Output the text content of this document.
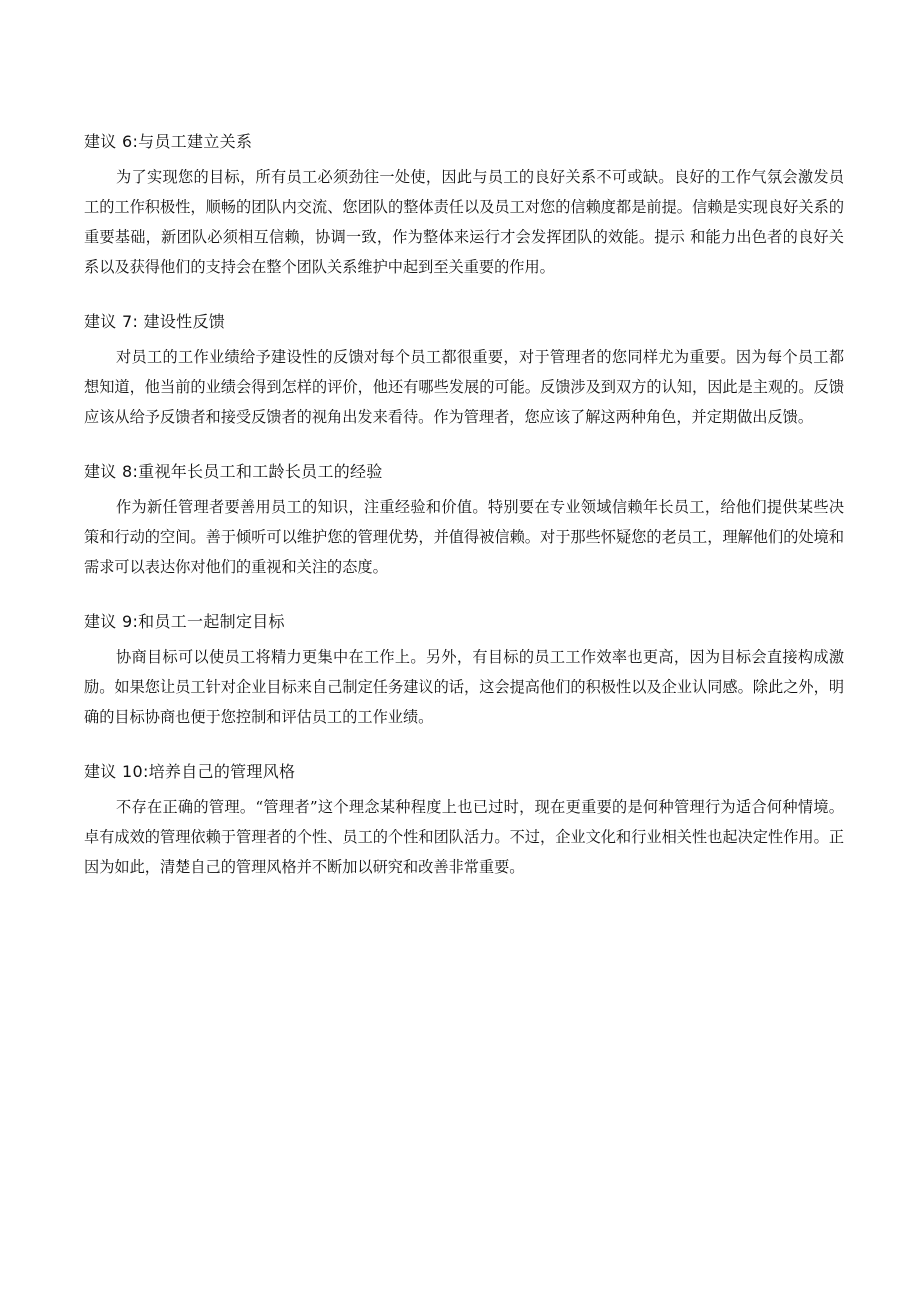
建议 6:与员工建立关系

为了实现您的目标，所有员工必须劲往一处使，因此与员工的良好关系不可或缺。良好的工作气氛会激发员工的工作积极性，顺畅的团队内交流、您团队的整体责任以及员工对您的信赖度都是前提。信赖是实现良好关系的重要基础，新团队必须相互信赖，协调一致，作为整体来运行才会发挥团队的效能。提示 和能力出色者的良好关系以及获得他们的支持会在整个团队关系维护中起到至关重要的作用。

建议 7: 建设性反馈

对员工的工作业绩给予建设性的反馈对每个员工都很重要，对于管理者的您同样尤为重要。因为每个员工都想知道，他当前的业绩会得到怎样的评价，他还有哪些发展的可能。反馈涉及到双方的认知，因此是主观的。反馈应该从给予反馈者和接受反馈者的视角出发来看待。作为管理者，您应该了解这两种角色，并定期做出反馈。

建议 8:重视年长员工和工龄长员工的经验

作为新任管理者要善用员工的知识，注重经验和价值。特别要在专业领域信赖年长员工，给他们提供某些决策和行动的空间。善于倾听可以维护您的管理优势，并值得被信赖。对于那些怀疑您的老员工，理解他们的处境和需求可以表达你对他们的重视和关注的态度。

建议 9:和员工一起制定目标

协商目标可以使员工将精力更集中在工作上。另外，有目标的员工工作效率也更高，因为目标会直接构成激励。如果您让员工针对企业目标来自己制定任务建议的话，这会提高他们的积极性以及企业认同感。除此之外，明确的目标协商也便于您控制和评估员工的工作业绩。

建议 10:培养自己的管理风格

不存在正确的管理。“管理者”这个理念某种程度上也已过时，现在更重要的是何种管理行为适合何种情境。卓有成效的管理依赖于管理者的个性、员工的个性和团队活力。不过，企业文化和行业相关性也起决定性作用。正因为如此，清楚自己的管理风格并不断加以研究和改善非常重要。
